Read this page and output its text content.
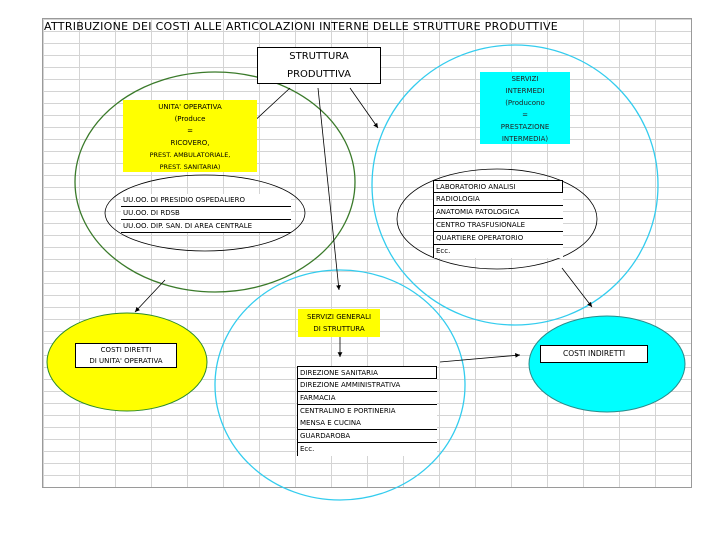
ATTRIBUZIONE DEI COSTI ALLE ARTICOLAZIONI INTERNE DELLE STRUTTURE PRODUTTIVE
STRUTTURA
PRODUTTIVA
UNITA' OPERATIVA
(Produce
=
RICOVERO,
PREST. AMBULATORIALE,
PREST. SANITARIA)
SERVIZI
INTERMEDI
(Producono
=
PRESTAZIONE
INTERMEDIA)
UU.OO. DI PRESIDIO OSPEDALIERO
UU.OO. DI RDSB
UU.OO. DIP. SAN. DI AREA CENTRALE
LABORATORIO ANALISI
RADIOLOGIA
ANATOMIA PATOLOGICA
CENTRO TRASFUSIONALE
QUARTIERE OPERATORIO
Ecc.
SERVIZI GENERALI
DI STRUTTURA
DIREZIONE SANITARIA
DIREZIONE AMMINISTRATIVA
FARMACIA
CENTRALINO E PORTINERIA
MENSA E CUCINA
GUARDAROBA
Ecc.
COSTI DIRETTI
DI UNITA' OPERATIVA
COSTI INDIRETTI
